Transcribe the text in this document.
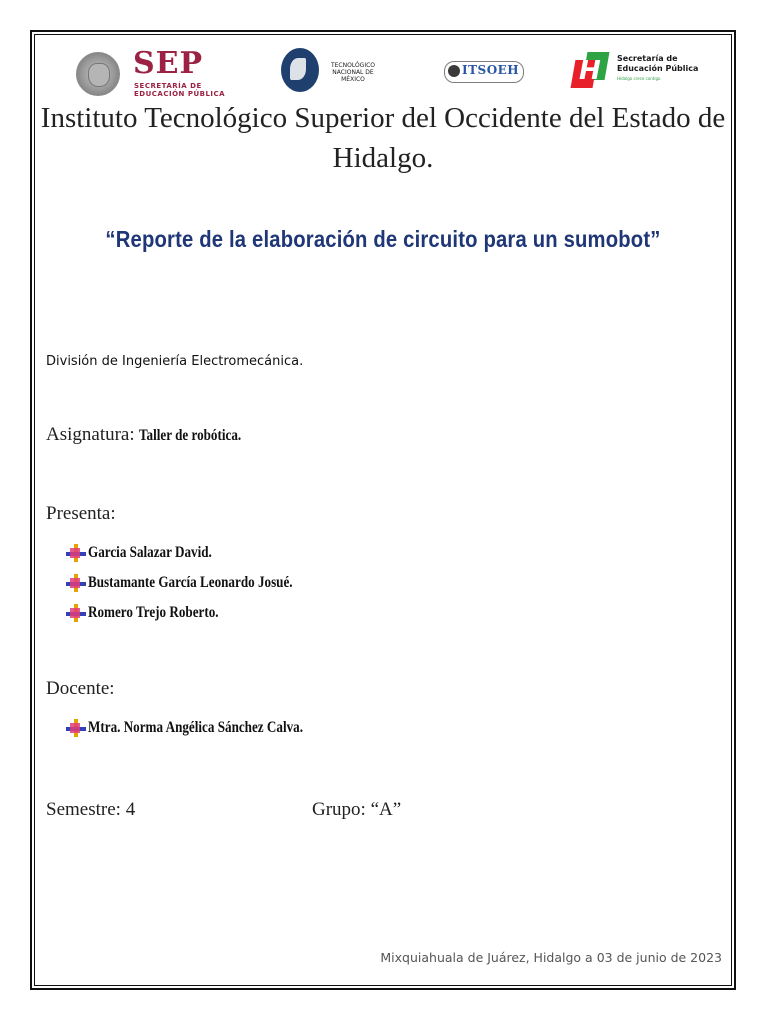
SEP
SECRETARÍA DE
EDUCACIÓN PÚBLICA
TECNOLÓGICO
NACIONAL DE MÉXICO
ITSOEH H Secretaría de
Educación Pública
Hidalgo crece contigo
Instituto Tecnológico Superior del Occidente del Estado de Hidalgo.
“Reporte de la elaboración de circuito para un sumobot”
División de Ingeniería Electromecánica.
Asignatura: Taller de robótica.
Presenta:
Garcia Salazar David.
Bustamante García Leonardo Josué.
Romero Trejo Roberto.
Docente:
Mtra. Norma Angélica Sánchez Calva.
Semestre: 4	Grupo: “A”
Mixquiahuala de Juárez, Hidalgo a 03 de junio de 2023
